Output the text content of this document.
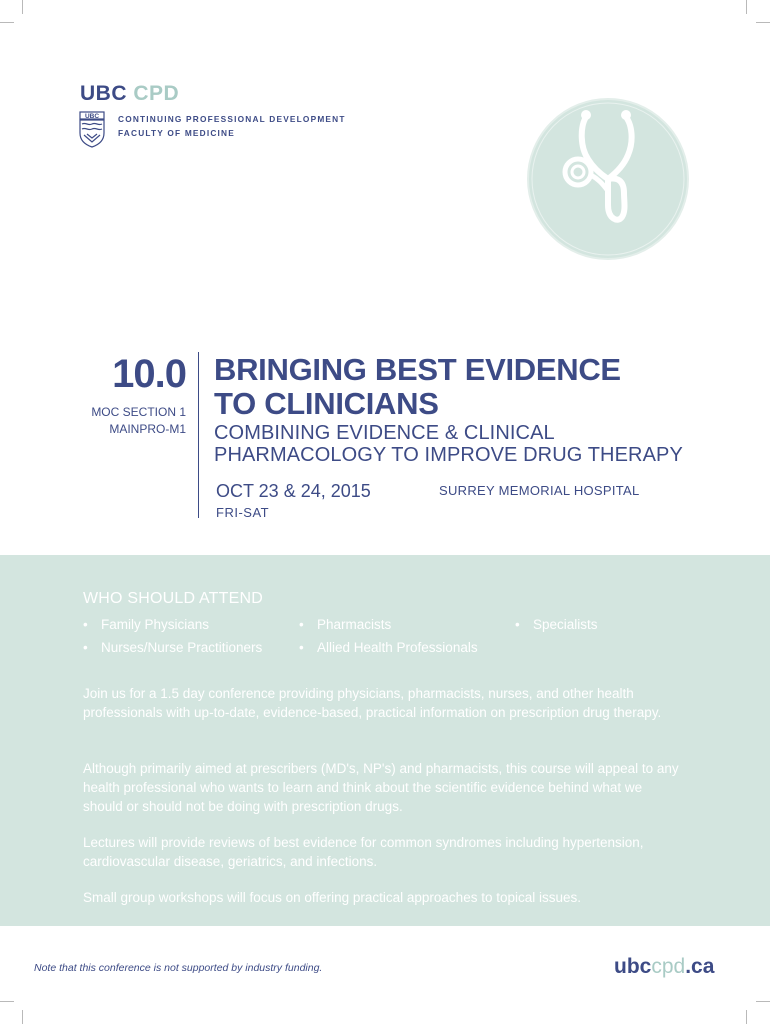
UBC CPD
UBC CONTINUING PROFESSIONAL DEVELOPMENT
FACULTY OF MEDICINE
10.0
MOC SECTION 1
MAINPRO-M1
BRINGING BEST EVIDENCE
TO CLINICIANS
COMBINING EVIDENCE & CLINICAL
PHARMACOLOGY TO IMPROVE DRUG THERAPY
OCT 23 & 24, 2015
FRI-SAT
SURREY MEMORIAL HOSPITAL
WHO SHOULD ATTEND
• Family Physicians	• Pharmacists	• Specialists
• Nurses/Nurse Practitioners	• Allied Health Professionals
Join us for a 1.5 day conference providing physicians, pharmacists, nurses, and other health professionals with up-to-date, evidence-based, practical information on prescription drug therapy.
Although primarily aimed at prescribers (MD's, NP's) and pharmacists, this course will appeal to any health professional who wants to learn and think about the scientific evidence behind what we should or should not be doing with prescription drugs.
Lectures will provide reviews of best evidence for common syndromes including hypertension, cardiovascular disease, geriatrics, and infections.
Small group workshops will focus on offering practical approaches to topical issues.
Note that this conference is not supported by industry funding.	ubccpd.ca
